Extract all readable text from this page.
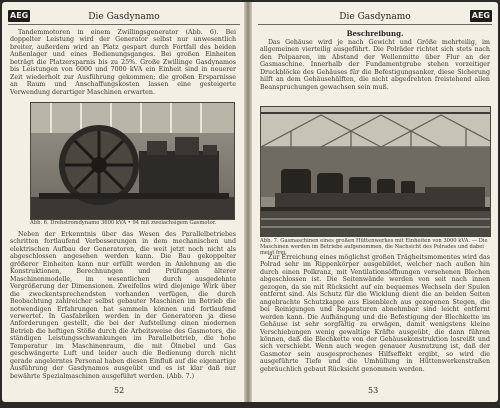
AEG	Die Gasdynamo

Tandemmotoren in einem Zwillingsgenerator (Abb. 6). Bei doppelter Leistung wird der Generator selbst nur unwesentlich breiter, außerdem wird an Platz gespart durch Fortfall des beiden Außenlager und eines Bedienungsganges. Bei großen Einheiten beträgt die Platzersparnis bis zu 25%. Große Zwillinge Gasdynamos bis Leistungen von 6000 und 7000 kVA ein Einheit sind in neuerer Zeit wiederholt zur Ausführung gekommen; die großen Ersparnisse an Raum und Anschaffungskosten lassen eine gesteigerte Verwendung derartiger Maschinen erwarten.

Abb. 6. Drehstromdynamo 3600 kVA • 94 mit zweiachsigem Gasmotor.

Neben der Erkenntnis über das Wesen des Parallelbetriebes schritten fortlaufend Verbesserungen in dem mechanischen und elektrischen Aufbau der Generatoren, die weit jetzt noch nicht als abgeschlossen angesehen werden kann. Die Bau gekoppelter größerer Einheiten kann nur erfüllt werden in Anlehnung an die Konstruktionen, Berechnungen und Prüfungen älterer Maschinenmodelle, im wesentlichen durch ausgedehnte Vergrößerung der Dimensionen. Zweifellos wird diejenige Wirk über die zweckentsprechendsten vorhanden verfügen, die durch Beobachtung zahlreicher selbst gebauter Maschinen im Betrieb die notwendigen Erfahrungen hat sammeln können und fortlaufend verwertet. In Gasfabriken werden in der Generatoren ja diese Anforderungen gestellt, die bei der Aufstellung einen modernen Betrieb die heftigen Stöße durch die Arbeitsweise des Gasmotors, die ständigen Leistungsschwankungen im Parallelbetrieb, die hohe Temperatur im Maschinenraum, die mit Ölnebel und Gas geschwängerte Luft und leider auch die Bedienung durch nicht gerade angelerntes Personal haben diesen Einfluß auf die eigenartige Ausführung der Gasdynamos ausgeübt und es ist klar daß nur bewährte Spezialmaschinen ausgeführt werden. (Abb. 7.)

52
Die Gasdynamo	AEG
Beschreibung.

Das Gehäuse wird je nach Gewicht und Größe mehrteilig, im allgemeinen vierteilig ausgeführt. Die Polräder richtet sich stets nach den Polpaaren, im Abstand der Wellenmitte über Flur an der Gasmaschine. Innerhalb der Fundamentgrube stehen vorzeitiger Druckblöcke des Gehäuses für die Befestigungsanker, diese Sicherung hilft an dem Gehäusehälften, die nicht abgedrehten freistehend allen Beanspruchungen gewachsen sein muß.

Abb. 7. Gasmaschinen eines großen Hüttenwerkes mit Einheiten von 3000 kVA. — Die Maschinen werden im Betriebe aufgenommen, die Nachsicht des Polrades und dabei meist frei.

Zur Erreichung eines möglichst großen Trägheitsmomentes wird das Polrad sehr im Rippenkörper ausgebildet, welcher nach außen hin durch einen Polkranz, mit Ventilationsöffnungen versehenen Blechen abgeschlossen ist. Die Seitenwände werden von seit nach innen gezogen, da sie mit Rücksicht auf ein bequemes Wechseln der Spulen entfernt sind. Als Schutz für die Wicklung dient die an beiden Seiten angebrachte Schutzkappe aus Eisenblech aus gezogenen Stegen, die bei Reinigungen und Reparaturen abnehmbar sind leicht entfernt werden kann. Die Aufhängung und die Befestigung der Blechkette im Gehäuse ist sehr sorgfältig zu erwägen, damit wenigstens kleine Verschiebungen wenig gewaltige Kräfte ausgeübt, die dann führen können, daß die Blechkette von der Gehäusekonstruktion losreißt und sich verschiebt. Wenn auch wegen genauer Ausnutzung ist, daß der Gasmotor sein ausgesprochenes Hilfseffekt ergibt, so wird die ausgeführte Tiefe und die Umhüllung in Hüttenwerkenstraßen gebräuchlich gebaut Rücksicht genommen werden.

53
